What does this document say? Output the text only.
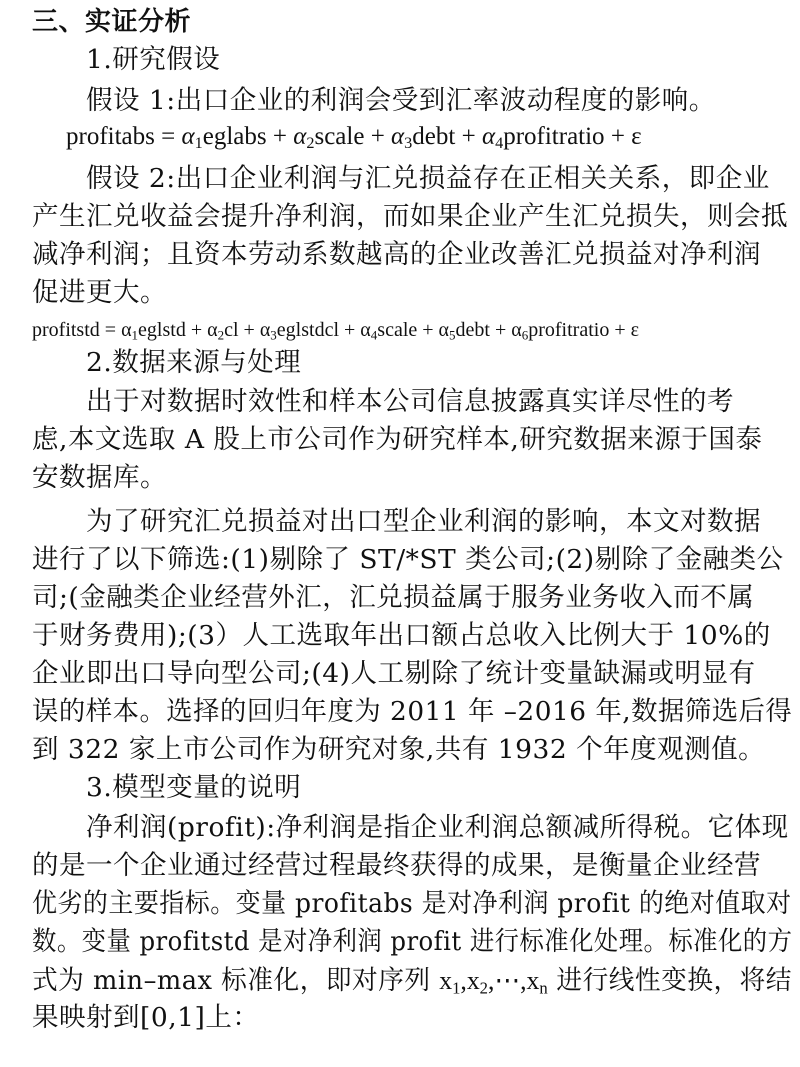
三、实证分析
1.研究假设
假设 1:出口企业的利润会受到汇率波动程度的影响。
profitabs = $\alpha_1eglabs$ + $\alpha_2scale$ + $\alpha_3debt$ + $\alpha_4profitratio + \varepsilon$
假设 2:出口企业利润与汇兑损益存在正相关关系，即企业
产生汇兑收益会提升净利润，而如果企业产生汇兑损失，则会抵
减净利润；且资本劳动系数越高的企业改善汇兑损益对净利润
促进更大。
profitstd = $\alpha_1eglstd + \alpha_2cl$ + $\alpha_3eglstdcl$ + $\alpha_4scale$ + $\alpha_5debt$ + $\alpha_6profitratio + \varepsilon$
2.数据来源与处理
出于对数据时效性和样本公司信息披露真实详尽性的考
虑,本文选取 A 股上市公司作为研究样本,研究数据来源于国泰
安数据库。
为了研究汇兑损益对出口型企业利润的影响，本文对数据
进行了以下筛选:(1)剔除了 ST/*ST 类公司;(2)剔除了金融类公
司;(金融类企业经营外汇，汇兑损益属于服务业务收入而不属
于财务费用);(3）人工选取年出口额占总收入比例大于 10%的
企业即出口导向型公司;(4)人工剔除了统计变量缺漏或明显有
误的样本。选择的回归年度为 2011 年 –2016 年,数据筛选后得
到 322 家上市公司作为研究对象,共有 1932 个年度观测值。
3.模型变量的说明
净利润(profit):净利润是指企业利润总额减所得税。它体现
的是一个企业通过经营过程最终获得的成果，是衡量企业经营
优劣的主要指标。变量 profitabs 是对净利润 profit 的绝对值取对
数。变量 profitstd 是对净利润 profit 进行标准化处理。标准化的方
式为 min–max 标准化，即对序列 $x_1,x_2,\cdots,x_n$ 进行线性变换，将结
果映射到[0,1]上：
